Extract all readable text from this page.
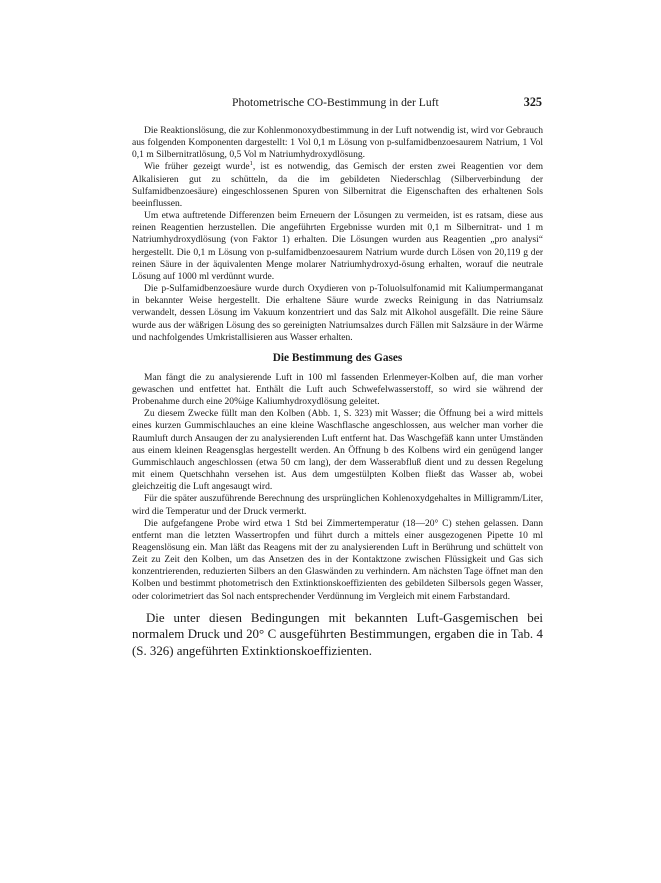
Photometrische CO-Bestimmung in der Luft	325

Die Reaktionslösung, die zur Kohlenmonoxydbestimmung in der Luft notwendig ist, wird vor Gebrauch aus folgenden Komponenten dargestellt: 1 Vol 0,1 m Lösung von p-sulfamidbenzoesaurem Natrium, 1 Vol 0,1 m Silbernitratlösung, 0,5 Vol m Natriumhydroxydlösung.

Wie früher gezeigt wurde$^1$, ist es notwendig, das Gemisch der ersten zwei Reagentien vor dem Alkalisieren gut zu schütteln, da die im gebildeten Niederschlag (Silberverbindung der Sulfamidbenzoesäure) eingeschlossenen Spuren von Silbernitrat die Eigenschaften des erhaltenen Sols beeinflussen.

Um etwa auftretende Differenzen beim Erneuern der Lösungen zu vermeiden, ist es ratsam, diese aus reinen Reagentien herzustellen. Die angeführten Ergebnisse wurden mit 0,1 m Silbernitrat- und 1 m Natriumhydroxydlösung (von Faktor 1) erhalten. Die Lösungen wurden aus Reagentien „pro analysi“ hergestellt. Die 0,1 m Lösung von p-sulfamidbenzoesaurem Natrium wurde durch Lösen von 20,119 g der reinen Säure in der äquivalenten Menge molarer Natriumhydroxyd-ösung erhalten, worauf die neutrale Lösung auf 1000 ml verdünnt wurde.

Die p-Sulfamidbenzoesäure wurde durch Oxydieren von p-Toluolsulfonamid mit Kaliumpermanganat in bekannter Weise hergestellt. Die erhaltene Säure wurde zwecks Reinigung in das Natriumsalz verwandelt, dessen Lösung im Vakuum konzentriert und das Salz mit Alkohol ausgefällt. Die reine Säure wurde aus der wäßrigen Lösung des so gereinigten Natriumsalzes durch Fällen mit Salzsäure in der Wärme und nachfolgendes Umkristallisieren aus Wasser erhalten.

Die Bestimmung des Gases

Man fängt die zu analysierende Luft in 100 ml fassenden Erlenmeyer-Kolben auf, die man vorher gewaschen und entfettet hat. Enthält die Luft auch Schwefelwasserstoff, so wird sie während der Probenahme durch eine 20%ige Kaliumhydroxydlösung geleitet.

Zu diesem Zwecke füllt man den Kolben (Abb. 1, S. 323) mit Wasser; die Öffnung bei a wird mittels eines kurzen Gummischlauches an eine kleine Waschflasche angeschlossen, aus welcher man vorher die Raumluft durch Ansaugen der zu analysierenden Luft entfernt hat. Das Waschgefäß kann unter Umständen aus einem kleinen Reagensglas hergestellt werden. An Öffnung b des Kolbens wird ein genügend langer Gummischlauch angeschlossen (etwa 50 cm lang), der dem Wasserabfluß dient und zu dessen Regelung mit einem Quetschhahn versehen ist. Aus dem umgestülpten Kolben fließt das Wasser ab, wobei gleichzeitig die Luft angesaugt wird.

Für die später auszuführende Berechnung des ursprünglichen Kohlenoxydgehaltes in Milligramm/Liter, wird die Temperatur und der Druck vermerkt.

Die aufgefangene Probe wird etwa 1 Std bei Zimmertemperatur (18—20° C) stehen gelassen. Dann entfernt man die letzten Wassertropfen und führt durch a mittels einer ausgezogenen Pipette 10 ml Reagenslösung ein. Man läßt das Reagens mit der zu analysierenden Luft in Berührung und schüttelt von Zeit zu Zeit den Kolben, um das Ansetzen des in der Kontaktzone zwischen Flüssigkeit und Gas sich konzentrierenden, reduzierten Silbers an den Glaswänden zu verhindern. Am nächsten Tage öffnet man den Kolben und bestimmt photometrisch den Extinktionskoeffizienten des gebildeten Silbersols gegen Wasser, oder colorimetriert das Sol nach entsprechender Verdünnung im Vergleich mit einem Farbstandard.

Die unter diesen Bedingungen mit bekannten Luft-Gasgemischen bei normalem Druck und 20° C ausgeführten Bestimmungen, ergaben die in Tab. 4 (S. 326) angeführten Extinktionskoeffizienten.
